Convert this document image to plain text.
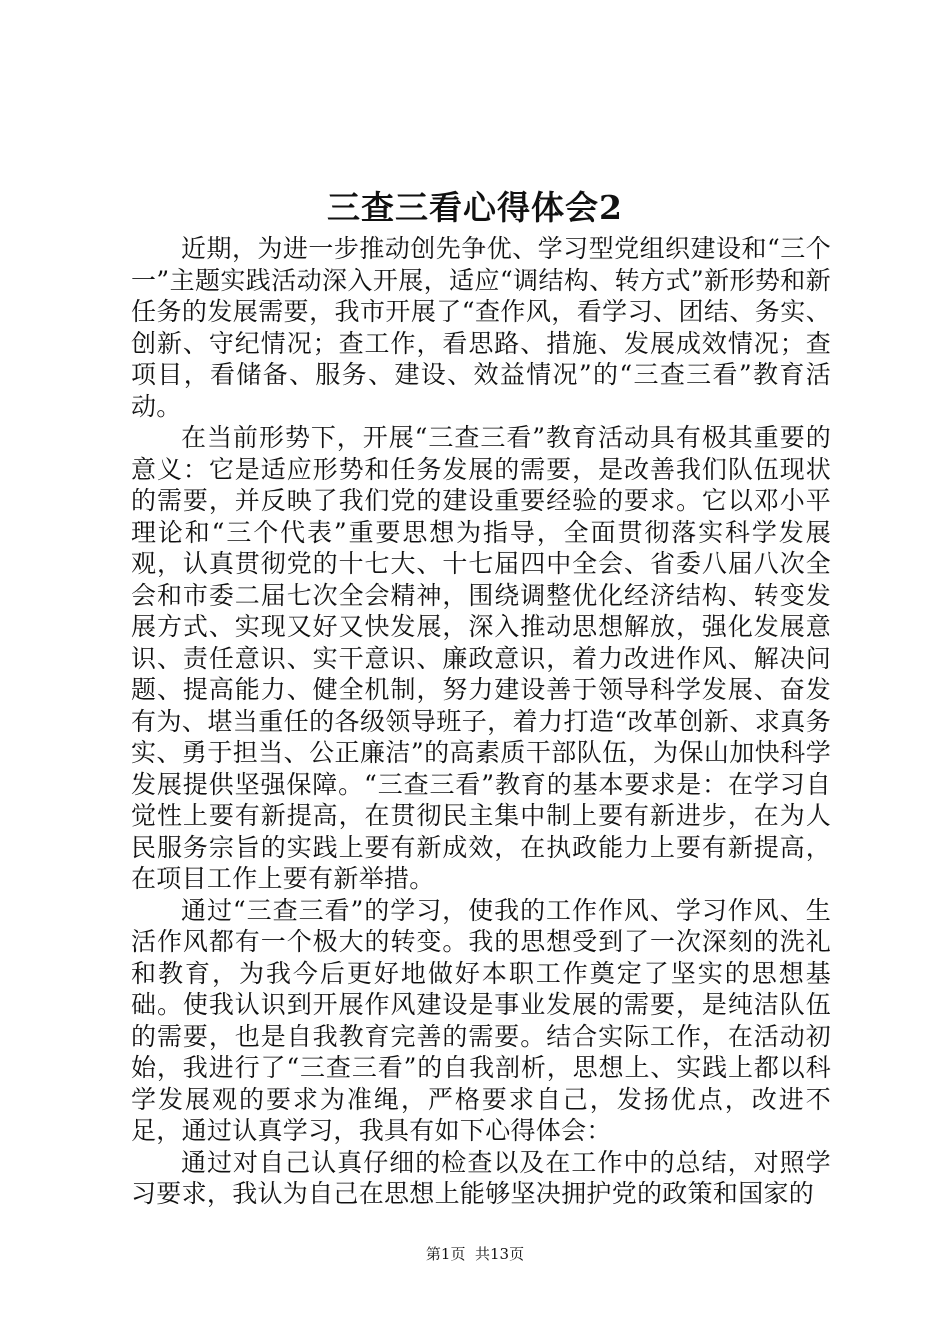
三查三看心得体会2

近期，为进一步推动创先争优、学习型党组织建设和“三个一”主题实践活动深入开展，适应“调结构、转方式”新形势和新任务的发展需要，我市开展了“查作风，看学习、团结、务实、创新、守纪情况；查工作，看思路、措施、发展成效情况；查项目，看储备、服务、建设、效益情况”的“三查三看”教育活动。

在当前形势下，开展“三查三看”教育活动具有极其重要的意义：它是适应形势和任务发展的需要，是改善我们队伍现状的需要，并反映了我们党的建设重要经验的要求。它以邓小平理论和“三个代表”重要思想为指导，全面贯彻落实科学发展观，认真贯彻党的十七大、十七届四中全会、省委八届八次全会和市委二届七次全会精神，围绕调整优化经济结构、转变发展方式、实现又好又快发展，深入推动思想解放，强化发展意识、责任意识、实干意识、廉政意识，着力改进作风、解决问题、提高能力、健全机制，努力建设善于领导科学发展、奋发有为、堪当重任的各级领导班子，着力打造“改革创新、求真务实、勇于担当、公正廉洁”的高素质干部队伍，为保山加快科学发展提供坚强保障。“三查三看”教育的基本要求是：在学习自觉性上要有新提高，在贯彻民主集中制上要有新进步，在为人民服务宗旨的实践上要有新成效，在执政能力上要有新提高，在项目工作上要有新举措。

通过“三查三看”的学习，使我的工作作风、学习作风、生活作风都有一个极大的转变。我的思想受到了一次深刻的洗礼和教育，为我今后更好地做好本职工作奠定了坚实的思想基础。使我认识到开展作风建设是事业发展的需要，是纯洁队伍的需要，也是自我教育完善的需要。结合实际工作，在活动初始，我进行了“三查三看”的自我剖析，思想上、实践上都以科学发展观的要求为准绳，严格要求自己，发扬优点，改进不足，通过认真学习，我具有如下心得体会：

通过对自己认真仔细的检查以及在工作中的总结，对照学习要求，我认为自己在思想上能够坚决拥护党的政策和国家的

第1页 共13页
